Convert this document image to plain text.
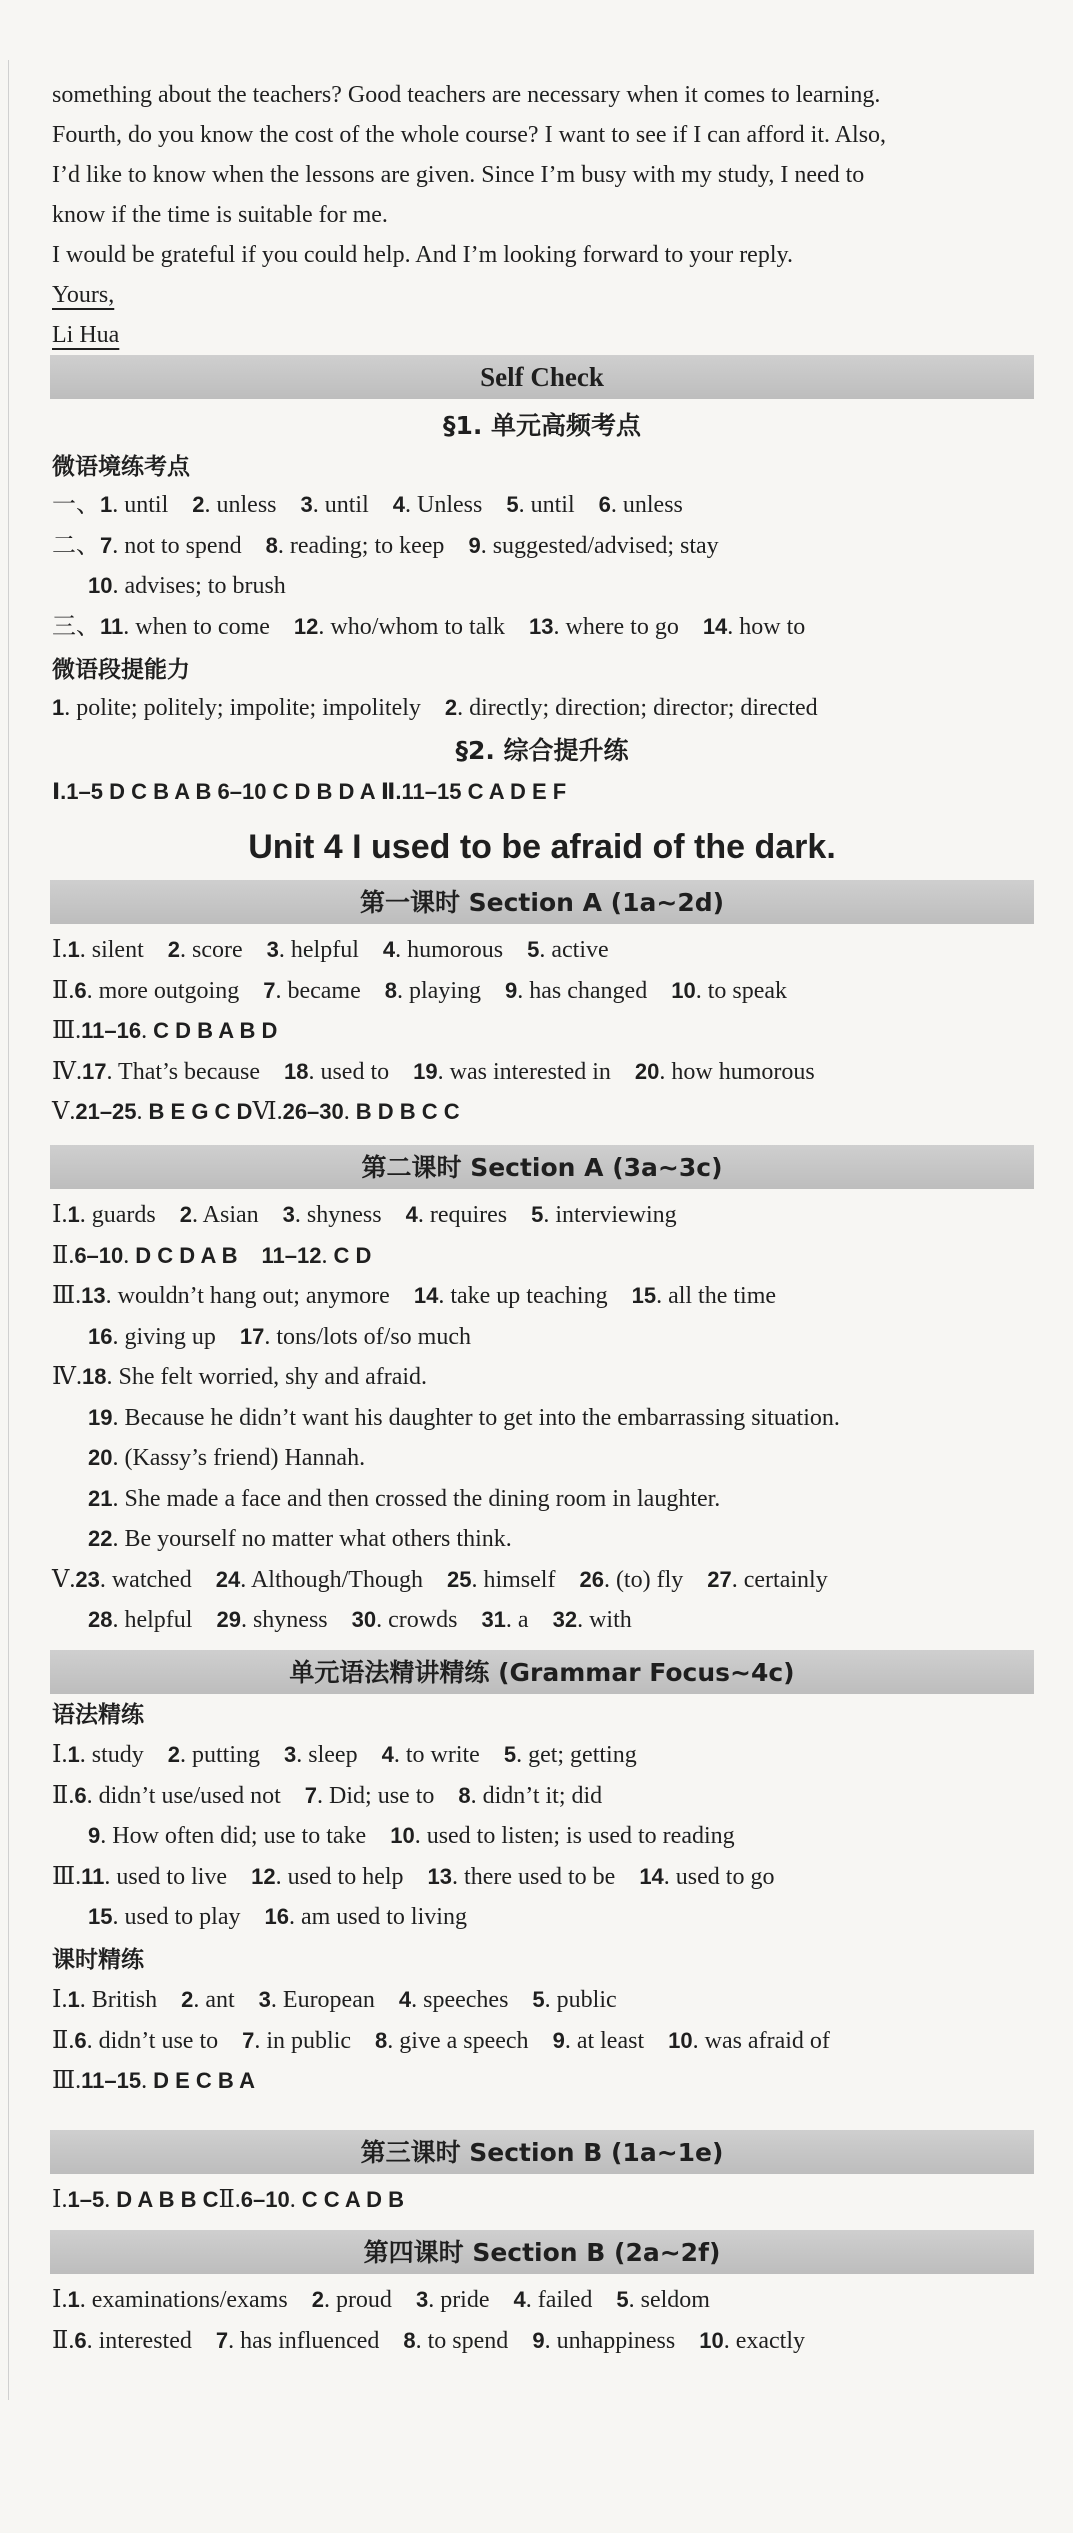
something about the teachers? Good teachers are necessary when it comes to learning.
Fourth, do you know the cost of the whole course? I want to see if I can afford it. Also,
I’d like to know when the lessons are given. Since I’m busy with my study, I need to
know if the time is suitable for me.
I would be grateful if you could help. And I’m looking forward to your reply.
Yours,
Li Hua
Self Check
§1. 单元高频考点
微语境练考点
微语段提能力
§2. 综合提升练
Ⅰ.1–5 D C B A B 6–10 C D B D A Ⅱ.11–15 C A D E F
Unit 4 I used to be afraid of the dark.
第一课时 Section A (1a~2d)
第二课时 Section A (3a~3c)
单元语法精讲精练 (Grammar Focus~4c)
语法精练
课时精练
第三课时 Section B (1a~1e)
第四课时 Section B (2a~2f)
一、1. until  2. unless  3. until  4. Unless  5. until  6. unless
二、7. not to spend  8. reading; to keep  9. suggested/advised; stay
10. advises; to brush
三、11. when to come  12. who/whom to talk  13. where to go  14. how to
1. polite; politely; impolite; impolitely  2. directly; direction; director; directed
Ⅰ.1. silent  2. score  3. helpful  4. humorous  5. active
Ⅱ.6. more outgoing  7. became  8. playing  9. has changed  10. to speak
Ⅲ.11–16. C D B A B D
Ⅳ.17. That’s because  18. used to  19. was interested in  20. how humorous
Ⅴ.21–25. B E G C DⅥ.26–30. B D B C C
Ⅰ.1. guards  2. Asian  3. shyness  4. requires  5. interviewing
Ⅱ.6–10. D C D A B  11–12. C D
Ⅲ.13. wouldn’t hang out; anymore  14. take up teaching  15. all the time
16. giving up  17. tons/lots of/so much
Ⅳ.18. She felt worried, shy and afraid.
19. Because he didn’t want his daughter to get into the embarrassing situation.
20. (Kassy’s friend) Hannah.
21. She made a face and then crossed the dining room in laughter.
22. Be yourself no matter what others think.
Ⅴ.23. watched  24. Although/Though  25. himself  26. (to) fly  27. certainly
28. helpful  29. shyness  30. crowds  31. a  32. with
Ⅰ.1. study  2. putting  3. sleep  4. to write  5. get; getting
Ⅱ.6. didn’t use/used not  7. Did; use to  8. didn’t it; did
9. How often did; use to take  10. used to listen; is used to reading
Ⅲ.11. used to live  12. used to help  13. there used to be  14. used to go
15. used to play  16. am used to living
Ⅰ.1. British  2. ant  3. European  4. speeches  5. public
Ⅱ.6. didn’t use to  7. in public  8. give a speech  9. at least  10. was afraid of
Ⅲ.11–15. D E C B A
Ⅰ.1–5. D A B B CⅡ.6–10. C C A D B
Ⅰ.1. examinations/exams  2. proud  3. pride  4. failed  5. seldom
Ⅱ.6. interested  7. has influenced  8. to spend  9. unhappiness  10. exactly
